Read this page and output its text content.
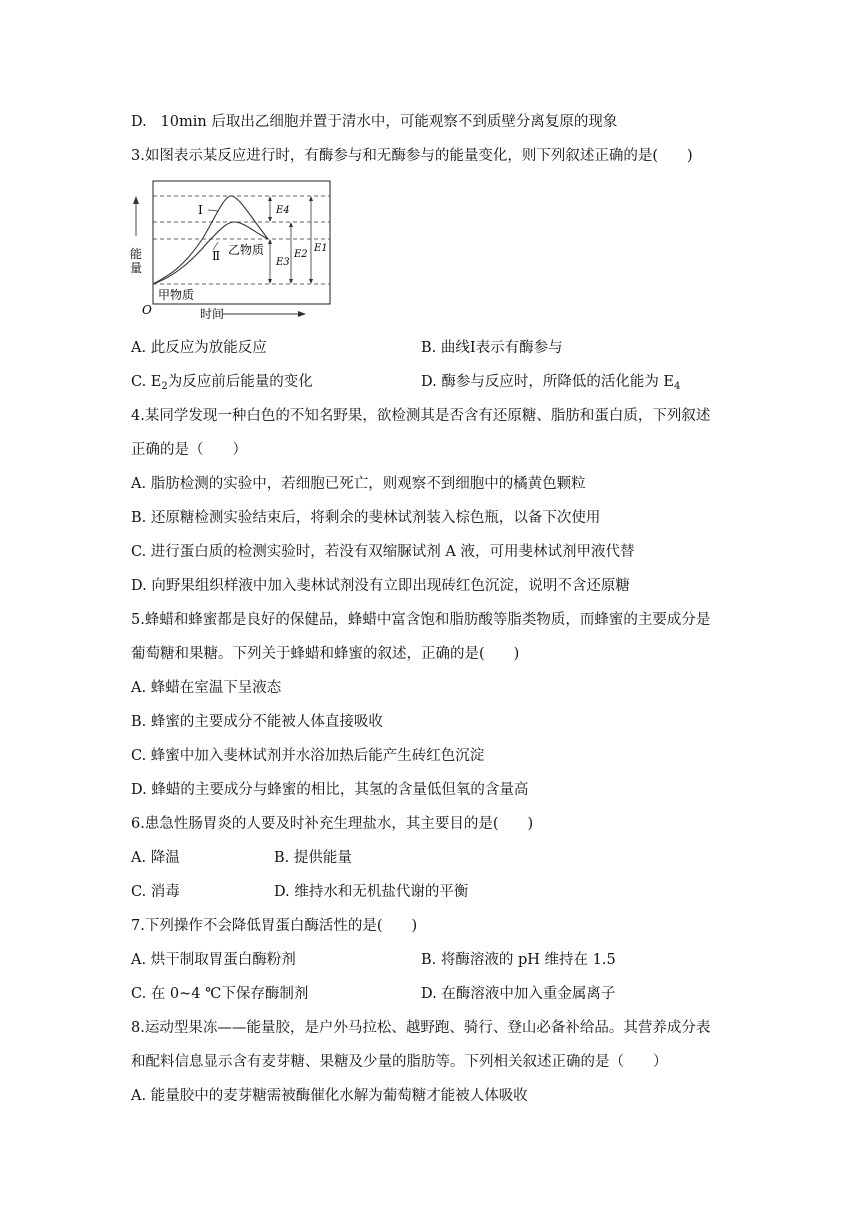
D.   10min 后取出乙细胞并置于清水中，可能观察不到质壁分离复原的现象
3.如图表示某反应进行时，有酶参与和无酶参与的能量变化，则下列叙述正确的是(　　)
能
量
O	时间
Ⅰ
Ⅱ 乙物质
甲物质
E4
E3
E2
E1
A. 此反应为放能反应	B. 曲线Ⅰ表示有酶参与
C. $E_2$为反应前后能量的变化	D. 酶参与反应时，所降低的活化能为 $E_4$
4.某同学发现一种白色的不知名野果，欲检测其是否含有还原糖、脂肪和蛋白质，下列叙述
正确的是（　　）
A. 脂肪检测的实验中，若细胞已死亡，则观察不到细胞中的橘黄色颗粒
B. 还原糖检测实验结束后，将剩余的斐林试剂装入棕色瓶，以备下次使用
C. 进行蛋白质的检测实验时，若没有双缩脲试剂 A 液，可用斐林试剂甲液代替
D. 向野果组织样液中加入斐林试剂没有立即出现砖红色沉淀，说明不含还原糖
5.蜂蜡和蜂蜜都是良好的保健品，蜂蜡中富含饱和脂肪酸等脂类物质，而蜂蜜的主要成分是
葡萄糖和果糖。下列关于蜂蜡和蜂蜜的叙述，正确的是(　　)
A. 蜂蜡在室温下呈液态
B. 蜂蜜的主要成分不能被人体直接吸收
C. 蜂蜜中加入斐林试剂并水浴加热后能产生砖红色沉淀
D. 蜂蜡的主要成分与蜂蜜的相比，其氢的含量低但氧的含量高
6.患急性肠胃炎的人要及时补充生理盐水，其主要目的是(　　)
A. 降温	B. 提供能量
C. 消毒	D. 维持水和无机盐代谢的平衡
7.下列操作不会降低胃蛋白酶活性的是(　　)
A. 烘干制取胃蛋白酶粉剂	B. 将酶溶液的 pH 维持在 1.5
C. 在 0~4 ℃下保存酶制剂	D. 在酶溶液中加入重金属离子
8.运动型果冻——能量胶，是户外马拉松、越野跑、骑行、登山必备补给品。其营养成分表
和配料信息显示含有麦芽糖、果糖及少量的脂肪等。下列相关叙述正确的是（　　）
A. 能量胶中的麦芽糖需被酶催化水解为葡萄糖才能被人体吸收
